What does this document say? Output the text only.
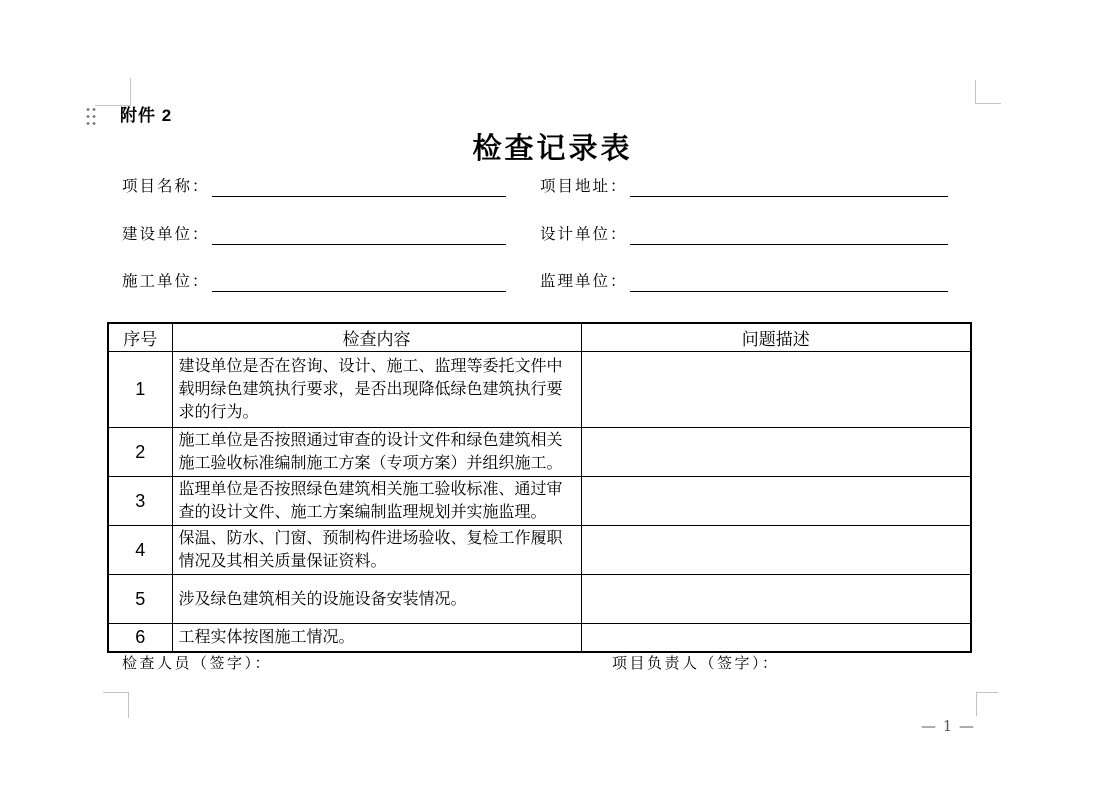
附件 2
检查记录表
项目名称：	项目地址：
建设单位：	设计单位：
施工单位：	监理单位：
序号	检查内容	问题描述
1	建设单位是否在咨询、设计、施工、监理等委托文件中载明绿色建筑执行要求，是否出现降低绿色建筑执行要求的行为。	
2	施工单位是否按照通过审查的设计文件和绿色建筑相关施工验收标准编制施工方案（专项方案）并组织施工。	
3	监理单位是否按照绿色建筑相关施工验收标准、通过审查的设计文件、施工方案编制监理规划并实施监理。	
4	保温、防水、门窗、预制构件进场验收、复检工作履职情况及其相关质量保证资料。	
5	涉及绿色建筑相关的设施设备安装情况。	
6	工程实体按图施工情况。	
检查人员（签字）：	项目负责人（签字）：
— 1 —
